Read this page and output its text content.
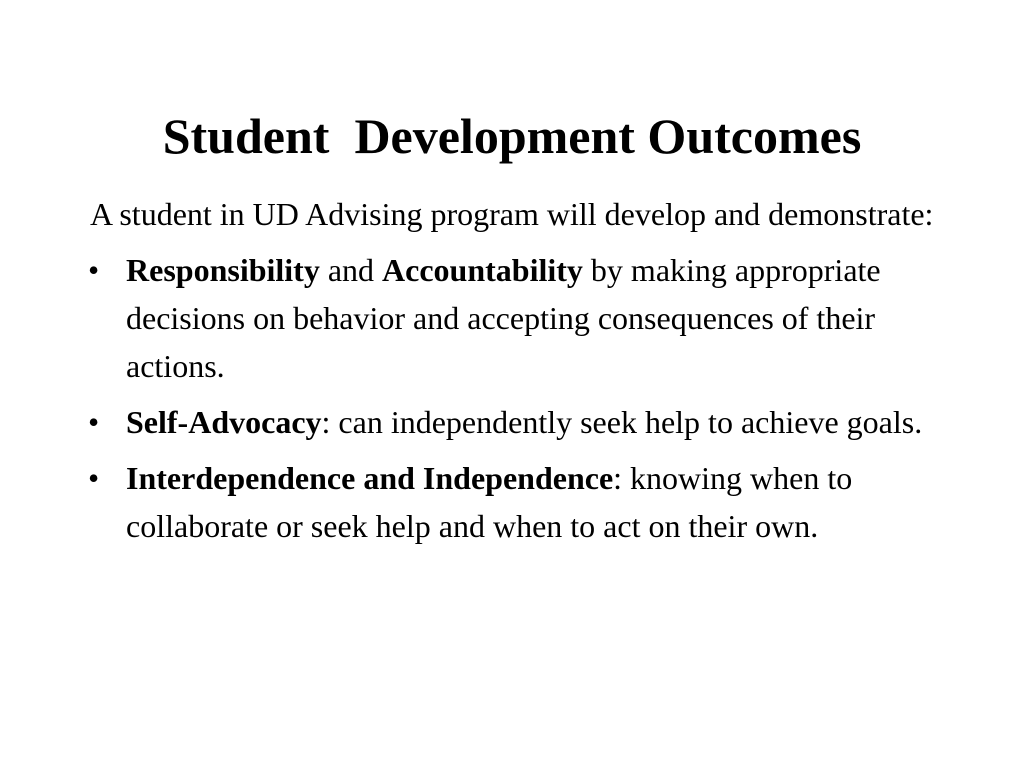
Student  Development Outcomes

A student in UD Advising program will develop and demonstrate:

• Responsibility and Accountability by making appropriate decisions on behavior and accepting consequences of their actions.
• Self-Advocacy: can independently seek help to achieve goals.
• Interdependence and Independence: knowing when to collaborate or seek help and when to act on their own.
